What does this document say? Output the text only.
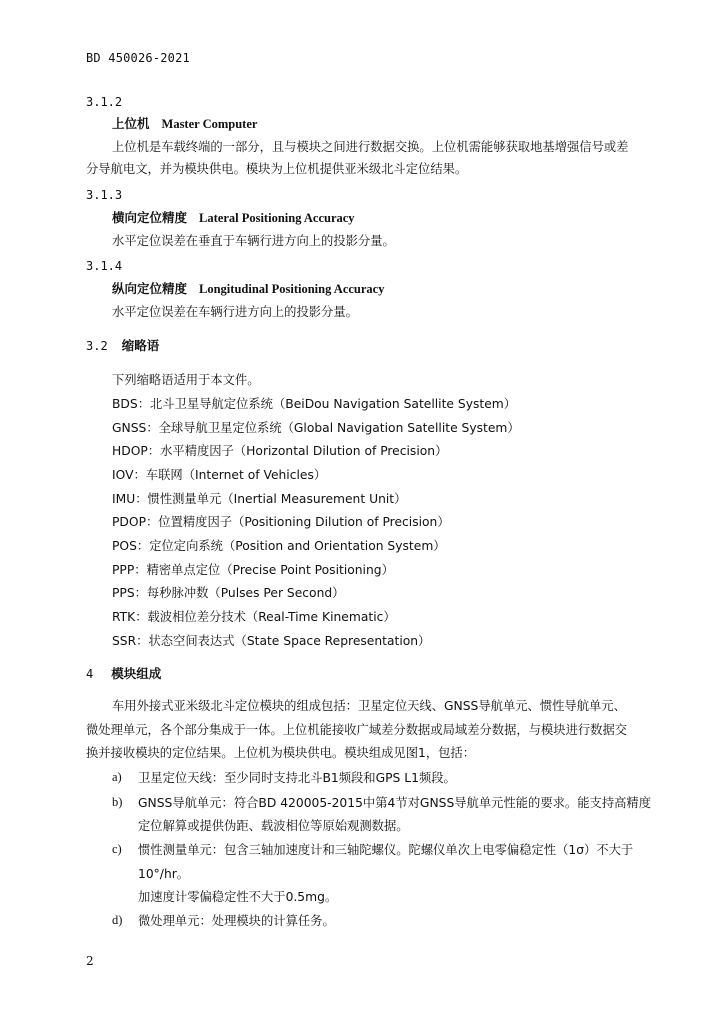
BD 450026-2021
3.1.2
上位机 Master Computer
上位机是车载终端的一部分，且与模块之间进行数据交换。上位机需能够获取地基增强信号或差
分导航电文，并为模块供电。模块为上位机提供亚米级北斗定位结果。
3.1.3
横向定位精度 Lateral Positioning Accuracy
水平定位误差在垂直于车辆行进方向上的投影分量。
3.1.4
纵向定位精度 Longitudinal Positioning Accuracy
水平定位误差在车辆行进方向上的投影分量。
3.2 缩略语
下列缩略语适用于本文件。
BDS：北斗卫星导航定位系统（BeiDou Navigation Satellite System）
GNSS：全球导航卫星定位系统（Global Navigation Satellite System）
HDOP：水平精度因子（Horizontal Dilution of Precision）
IOV：车联网（Internet of Vehicles）
IMU：惯性测量单元（Inertial Measurement Unit）
PDOP：位置精度因子（Positioning Dilution of Precision）
POS：定位定向系统（Position and Orientation System）
PPP：精密单点定位（Precise Point Positioning）
PPS：每秒脉冲数（Pulses Per Second）
RTK：载波相位差分技术（Real-Time Kinematic）
SSR：状态空间表达式（State Space Representation）
4 模块组成
车用外接式亚米级北斗定位模块的组成包括：卫星定位天线、GNSS导航单元、惯性导航单元、
微处理单元，各个部分集成于一体。上位机能接收广域差分数据或局域差分数据，与模块进行数据交
换并接收模块的定位结果。上位机为模块供电。模块组成见图1，包括：
a) 卫星定位天线：至少同时支持北斗B1频段和GPS L1频段。
b) GNSS导航单元：符合BD 420005-2015中第4节对GNSS导航单元性能的要求。能支持高精度
定位解算或提供伪距、载波相位等原始观测数据。
c) 惯性测量单元：包含三轴加速度计和三轴陀螺仪。陀螺仪单次上电零偏稳定性（1σ）不大于
10°/hr。
加速度计零偏稳定性不大于0.5mg。
d) 微处理单元：处理模块的计算任务。
2
